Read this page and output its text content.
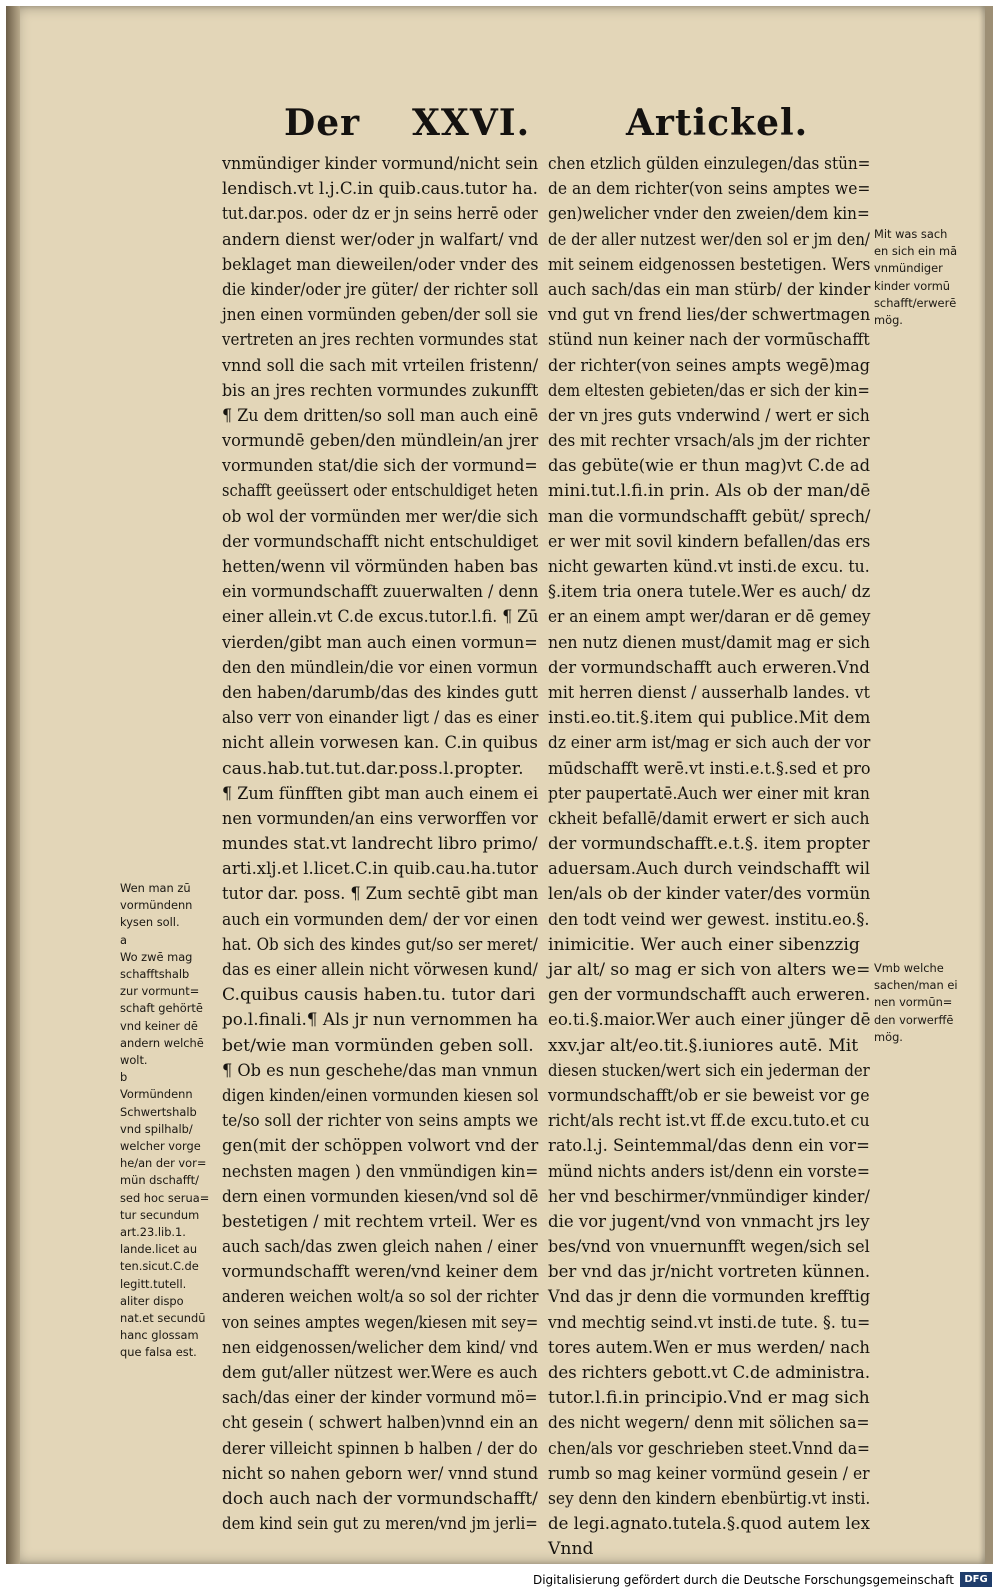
Der XXVI.	Artickel.
vnmündiger kinder vormund/nicht sein
lendisch.vt l.j.C.in quib.caus.tutor ha.
tut.dar.pos. oder dz er jn seins herrē oder
andern dienst wer/oder jn walfart/ vnd
beklaget man dieweilen/oder vnder des
die kinder/oder jre güter/ der richter soll
jnen einen vormünden geben/der soll sie
vertreten an jres rechten vormundes stat
vnnd soll die sach mit vrteilen fristenn/
bis an jres rechten vormundes zukunfft
¶ Zu dem dritten/so soll man auch einē
vormundē geben/den mündlein/an jrer
vormunden stat/die sich der vormund=
schafft geeüssert oder entschuldiget heten
ob wol der vormünden mer wer/die sich
der vormundschafft nicht entschuldiget
hetten/wenn vil vörmünden haben bas
ein vormundschafft zuuerwalten / denn
einer allein.vt C.de excus.tutor.l.fi. ¶ Zū
vierden/gibt man auch einen vormun=
den den mündlein/die vor einen vormun
den haben/darumb/das des kindes gutt
also verr von einander ligt / das es einer
nicht allein vorwesen kan. C.in quibus
caus.hab.tut.tut.dar.poss.l.propter.
¶ Zum fünfften gibt man auch einem ei
nen vormunden/an eins verworffen vor
mundes stat.vt landrecht libro primo/
arti.xlj.et l.licet.C.in quib.cau.ha.tutor
tutor dar. poss. ¶ Zum sechtē gibt man
auch ein vormunden dem/ der vor einen
hat. Ob sich des kindes gut/so ser meret/
das es einer allein nicht vörwesen kund/
C.quibus causis haben.tu. tutor dari
po.l.finali.¶ Als jr nun vernommen ha
bet/wie man vormünden geben soll.
¶ Ob es nun geschehe/das man vnmun
digen kinden/einen vormunden kiesen sol
te/so soll der richter von seins ampts we
gen(mit der schöppen volwort vnd der
nechsten magen ) den vnmündigen kin=
dern einen vormunden kiesen/vnd sol dē
bestetigen / mit rechtem vrteil. Wer es
auch sach/das zwen gleich nahen / einer
vormundschafft weren/vnd keiner dem
anderen weichen wolt/a so sol der richter
von seines amptes wegen/kiesen mit sey=
nen eidgenossen/welicher dem kind/ vnd
dem gut/aller nützest wer.Were es auch
sach/das einer der kinder vormund mö=
cht gesein ( schwert halben)vnnd ein an
derer villeicht spinnen b halben / der do
nicht so nahen geborn wer/ vnnd stund
doch auch nach der vormundschafft/
dem kind sein gut zu meren/vnd jm jerli=
chen etzlich gülden einzulegen/das stün=
de an dem richter(von seins amptes we=
gen)welicher vnder den zweien/dem kin=
de der aller nutzest wer/den sol er jm den/
mit seinem eidgenossen bestetigen. Wers
auch sach/das ein man stürb/ der kinder
vnd gut vn frend lies/der schwertmagen
stünd nun keiner nach der vormūschafft
der richter(von seines ampts wegē)mag
dem eltesten gebieten/das er sich der kin=
der vn jres guts vnderwind / wert er sich
des mit rechter vrsach/als jm der richter
das gebüte(wie er thun mag)vt C.de ad
mini.tut.l.fi.in prin. Als ob der man/dē
man die vormundschafft gebüt/ sprech/
er wer mit sovil kindern befallen/das ers
nicht gewarten künd.vt insti.de excu. tu.
§.item tria onera tutele.Wer es auch/ dz
er an einem ampt wer/daran er dē gemey
nen nutz dienen must/damit mag er sich
der vormundschafft auch erweren.Vnd
mit herren dienst / ausserhalb landes. vt
insti.eo.tit.§.item qui publice.Mit dem
dz einer arm ist/mag er sich auch der vor
mūdschafft werē.vt insti.e.t.§.sed et pro
pter paupertatē.Auch wer einer mit kran
ckheit befallē/damit erwert er sich auch
der vormundschafft.e.t.§. item propter
aduersam.Auch durch veindschafft wil
len/als ob der kinder vater/des vormün
den todt veind wer gewest. institu.eo.§.
inimicitie. Wer auch einer sibenzzig
jar alt/ so mag er sich von alters we=
gen der vormundschafft auch erweren.
eo.ti.§.maior.Wer auch einer jünger dē
xxv.jar alt/eo.tit.§.iuniores autē. Mit
diesen stucken/wert sich ein jederman der
vormundschafft/ob er sie beweist vor ge
richt/als recht ist.vt ff.de excu.tuto.et cu
rato.l.j. Seintemmal/das denn ein vor=
münd nichts anders ist/denn ein vorste=
her vnd beschirmer/vnmündiger kinder/
die vor jugent/vnd von vnmacht jrs ley
bes/vnd von vnuernunfft wegen/sich sel
ber vnd das jr/nicht vortreten künnen.
Vnd das jr denn die vormunden krefftig
vnd mechtig seind.vt insti.de tute. §. tu=
tores autem.Wen er mus werden/ nach
des richters gebott.vt C.de administra.
tutor.l.fi.in principio.Vnd er mag sich
des nicht wegern/ denn mit sölichen sa=
chen/als vor geschrieben steet.Vnnd da=
rumb so mag keiner vormünd gesein / er
sey denn den kindern ebenbürtig.vt insti.
de legi.agnato.tutela.§.quod autem lex
Vnnd
Wen man zū
vormündenn
kysen soll.
a
Wo zwē mag
schafftshalb
zur vormunt=
schaft gehörtē
vnd keiner dē
andern welchē
wolt.
b
Vormündenn
Schwertshalb
vnd spilhalb/
welcher vorge
he/an der vor=
mün dschafft/
sed hoc serua=
tur secundum
art.23.lib.1.
lande.licet au
ten.sicut.C.de
legitt.tutell.
aliter dispo
nat.et secundū
hanc glossam
que falsa est.
Mit was sach
en sich ein mā
vnmündiger
kinder vormū
schafft/erwerē
mög.
Vmb welche
sachen/man ei
nen vormūn=
den vorwerffē
mög.
Digitalisierung gefördert durch die Deutsche Forschungsgemeinschaft	DFG
